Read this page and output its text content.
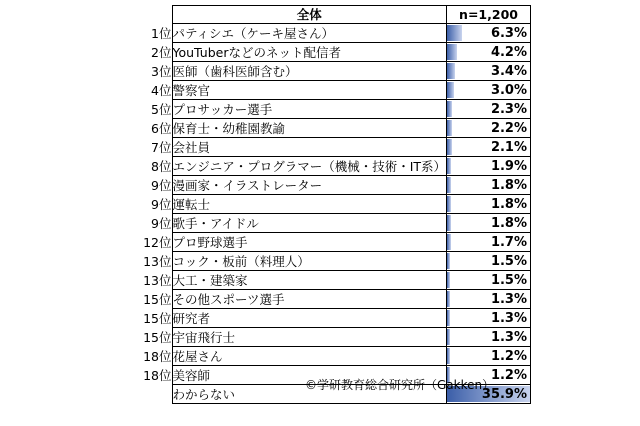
	全体	n=1,200
1位	パティシエ（ケーキ屋さん）	6.3%
2位	YouTuberなどのネット配信者	4.2%
3位	医師（歯科医師含む）	3.4%
4位	警察官	3.0%
5位	プロサッカー選手	2.3%
6位	保育士・幼稚園教諭	2.2%
7位	会社員	2.1%
8位	エンジニア・プログラマー（機械・技術・IT系）	1.9%
9位	漫画家・イラストレーター	1.8%
9位	運転士	1.8%
9位	歌手・アイドル	1.8%
12位	プロ野球選手	1.7%
13位	コック・板前（料理人）	1.5%
13位	大工・建築家	1.5%
15位	その他スポーツ選手	1.3%
15位	研究者	1.3%
15位	宇宙飛行士	1.3%
18位	花屋さん	1.2%
18位	美容師	1.2%
	わからない	35.9%
©学研教育総合研究所（Gakken）
